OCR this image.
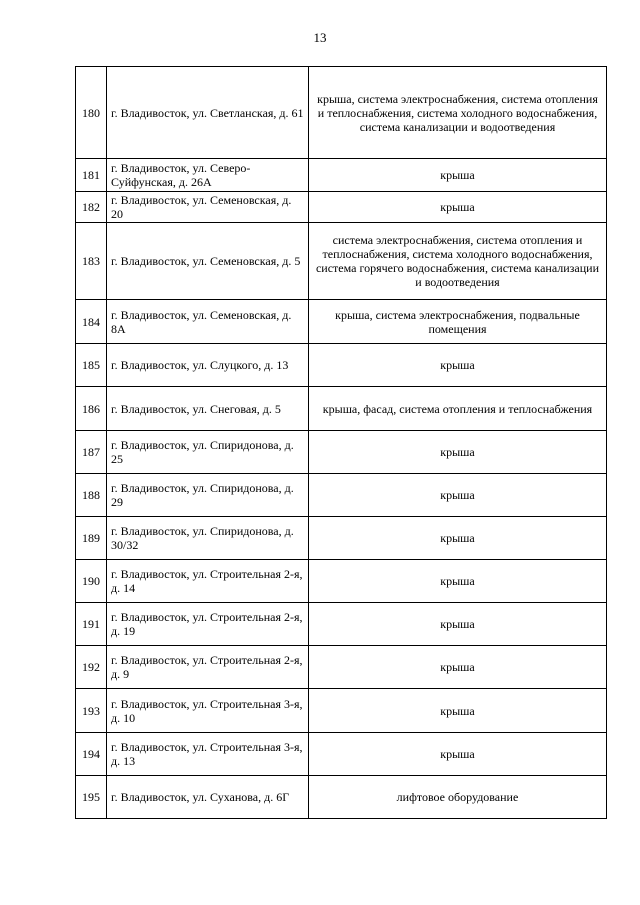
13
180	г. Владивосток, ул. Светланская, д. 61	крыша, система электроснабжения, система отопления и теплоснабжения, система холодного водоснабжения, система канализации и водоотведения
181	г. Владивосток, ул. Северо-Суйфунская, д. 26А	крыша
182	г. Владивосток, ул. Семеновская, д. 20	крыша
183	г. Владивосток, ул. Семеновская, д. 5	система электроснабжения, система отопления и теплоснабжения, система холодного водоснабжения, система горячего водоснабжения, система канализации и водоотведения
184	г. Владивосток, ул. Семеновская, д. 8А	крыша, система электроснабжения, подвальные помещения
185	г. Владивосток, ул. Слуцкого, д. 13	крыша
186	г. Владивосток, ул. Снеговая, д. 5	крыша, фасад, система отопления и теплоснабжения
187	г. Владивосток, ул. Спиридонова, д. 25	крыша
188	г. Владивосток, ул. Спиридонова, д. 29	крыша
189	г. Владивосток, ул. Спиридонова, д. 30/32	крыша
190	г. Владивосток, ул. Строительная 2-я, д. 14	крыша
191	г. Владивосток, ул. Строительная 2-я, д. 19	крыша
192	г. Владивосток, ул. Строительная 2-я, д. 9	крыша
193	г. Владивосток, ул. Строительная 3-я, д. 10	крыша
194	г. Владивосток, ул. Строительная 3-я, д. 13	крыша
195	г. Владивосток, ул. Суханова, д. 6Г	лифтовое оборудование
